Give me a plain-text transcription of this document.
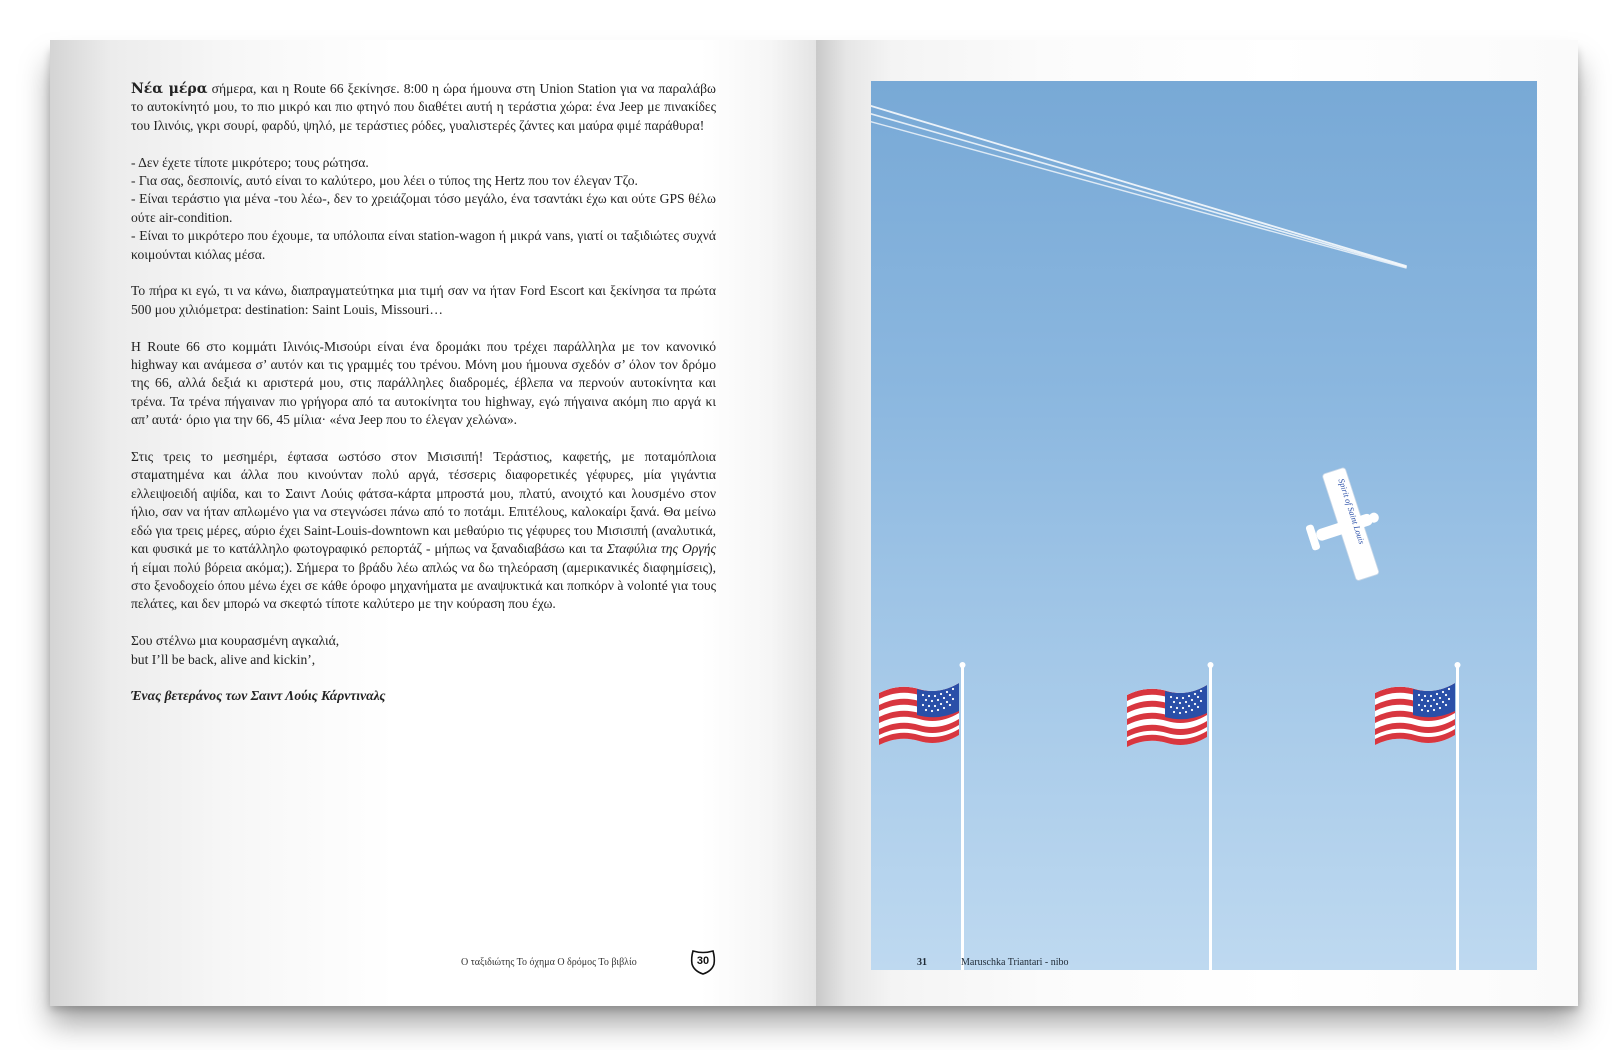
Νέα μέρα σήμερα, και η Route 66 ξεκίνησε. 8:00 η ώρα ήμουνα στη Union Station για να παραλάβω το αυτοκίνητό μου, το πιο μικρό και πιο φτηνό που διαθέτει αυτή η τεράστια χώρα: ένα Jeep με πινακίδες του Ιλινόις, γκρι σουρί, φαρδύ, ψηλό, με τεράστιες ρόδες, γυαλιστερές ζάντες και μαύρα φιμέ παράθυρα!

- Δεν έχετε τίποτε μικρότερο; τους ρώτησα.
- Για σας, δεσποινίς, αυτό είναι το καλύτερο, μου λέει ο τύπος της Hertz που τον έλεγαν Τζο.
- Είναι τεράστιο για μένα -του λέω-, δεν το χρειάζομαι τόσο μεγάλο, ένα τσαντάκι έχω και ούτε GPS θέλω ούτε air-condition.
- Είναι το μικρότερο που έχουμε, τα υπόλοιπα είναι station-wagon ή μικρά vans, γιατί οι ταξιδιώτες συχνά κοιμούνται κιόλας μέσα.

Το πήρα κι εγώ, τι να κάνω, διαπραγματεύτηκα μια τιμή σαν να ήταν Ford Escort και ξεκίνησα τα πρώτα 500 μου χιλιόμετρα: destination: Saint Louis, Missouri…

Η Route 66 στο κομμάτι Ιλινόις-Μισούρι είναι ένα δρομάκι που τρέχει παράλληλα με τον κανονικό highway και ανάμεσα σ’ αυτόν και τις γραμμές του τρένου. Μόνη μου ήμουνα σχεδόν σ’ όλον τον δρόμο της 66, αλλά δεξιά κι αριστερά μου, στις παράλληλες διαδρομές, έβλεπα να περνούν αυτοκίνητα και τρένα. Τα τρένα πήγαιναν πιο γρήγορα από τα αυτοκίνητα του highway, εγώ πήγαινα ακόμη πιο αργά κι απ’ αυτά· όριο για την 66, 45 μίλια· «ένα Jeep που το έλεγαν χελώνα».

Στις τρεις το μεσημέρι, έφτασα ωστόσο στον Μισισιπή! Τεράστιος, καφετής, με ποταμόπλοια σταματημένα και άλλα που κινούνταν πολύ αργά, τέσσερις διαφορετικές γέφυρες, μία γιγάντια ελλειψοειδή αψίδα, και το Σαιντ Λούις φάτσα-κάρτα μπροστά μου, πλατύ, ανοιχτό και λουσμένο στον ήλιο, σαν να ήταν απλωμένο για να στεγνώσει πάνω από το ποτάμι. Επιτέλους, καλοκαίρι ξανά. Θα μείνω εδώ για τρεις μέρες, αύριο έχει Saint-Louis-downtown και μεθαύριο τις γέφυρες του Μισισιπή (αναλυτικά, και φυσικά με το κατάλληλο φωτογραφικό ρεπορτάζ - μήπως να ξαναδιαβάσω και τα Σταφύλια της Οργής ή είμαι πολύ βόρεια ακόμα;). Σήμερα το βράδυ λέω απλώς να δω τηλεόραση (αμερικανικές διαφημίσεις), στο ξενοδοχείο όπου μένω έχει σε κάθε όροφο μηχανήματα με αναψυκτικά και ποπκόρν à volonté για τους πελάτες, και δεν μπορώ να σκεφτώ τίποτε καλύτερο με την κούραση που έχω.

Σου στέλνω μια κουρασμένη αγκαλιά,
but I’ll be back, alive and kickin’,

Ένας βετεράνος των Σαιντ Λούις Κάρντιναλς

Ο ταξιδιώτης Το όχημα Ο δρόμος Το βιβλίο	30
Spirit of Saint Louis
31	Maruschka Triantari - nibo
